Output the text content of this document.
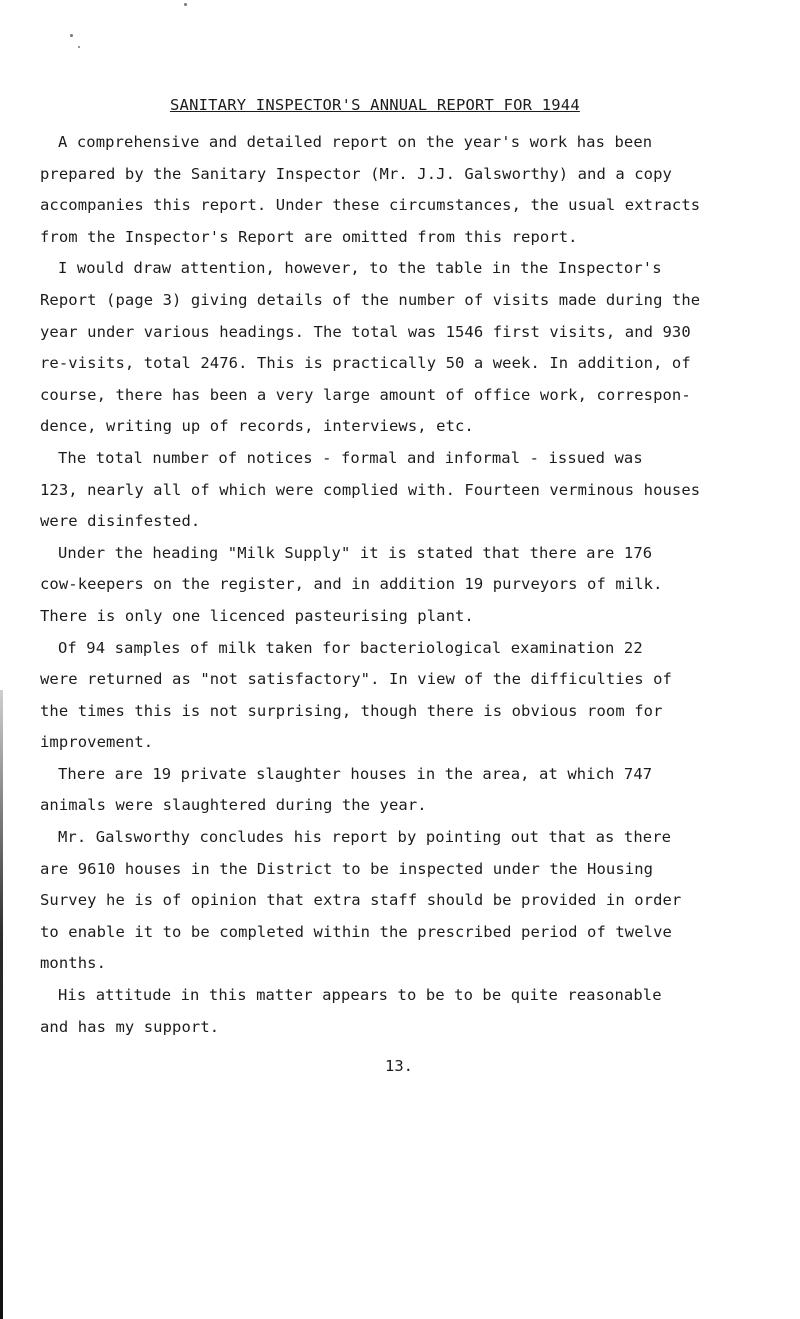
SANITARY INSPECTOR'S ANNUAL REPORT FOR 1944
A comprehensive and detailed report on the year's work has been
prepared by the Sanitary Inspector (Mr. J.J. Galsworthy) and a copy
accompanies this report. Under these circumstances, the usual extracts
from the Inspector's Report are omitted from this report.
I would draw attention, however, to the table in the Inspector's
Report (page 3) giving details of the number of visits made during the
year under various headings. The total was 1546 first visits, and 930
re-visits, total 2476. This is practically 50 a week. In addition, of
course, there has been a very large amount of office work, correspon-
dence, writing up of records, interviews, etc.
The total number of notices - formal and informal - issued was
123, nearly all of which were complied with. Fourteen verminous houses
were disinfested.
Under the heading "Milk Supply" it is stated that there are 176
cow-keepers on the register, and in addition 19 purveyors of milk.
There is only one licenced pasteurising plant.
Of 94 samples of milk taken for bacteriological examination 22
were returned as "not satisfactory". In view of the difficulties of
the times this is not surprising, though there is obvious room for
improvement.
There are 19 private slaughter houses in the area, at which 747
animals were slaughtered during the year.
Mr. Galsworthy concludes his report by pointing out that as there
are 9610 houses in the District to be inspected under the Housing
Survey he is of opinion that extra staff should be provided in order
to enable it to be completed within the prescribed period of twelve
months.
His attitude in this matter appears to be to be quite reasonable
and has my support.
13.
